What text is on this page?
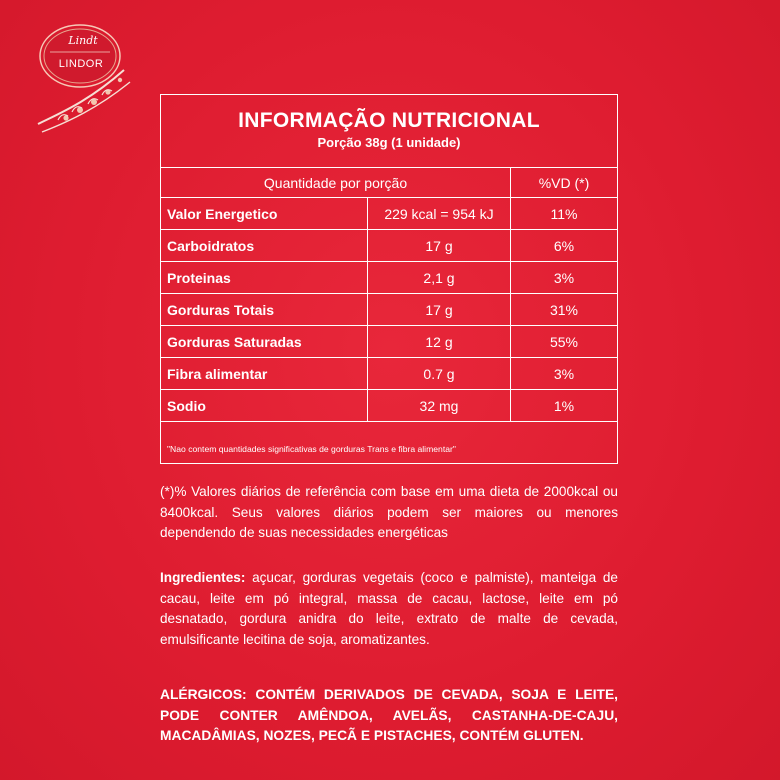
Lindt
LINDOR
INFORMAÇÃO NUTRICIONAL
Porção 38g (1 unidade)
Quantidade por porção	%VD (*)
Valor Energetico	229 kcal = 954 kJ	11%
Carboidratos	17 g	6%
Proteinas	2,1 g	3%
Gorduras Totais	17 g	31%
Gorduras Saturadas	12 g	55%
Fibra alimentar	0.7 g	3%
Sodio	32 mg	1%
"Nao contem quantidades significativas de gorduras Trans e fibra alimentar"
(*)% Valores diários de referência com base em uma dieta de 2000kcal ou 8400kcal. Seus valores diários podem ser maiores ou menores dependendo de suas necessidades energéticas
Ingredientes: açucar, gorduras vegetais (coco e palmiste), manteiga de cacau, leite em pó integral, massa de cacau, lactose, leite em pó desnatado, gordura anidra do leite, extrato de malte de cevada, emulsificante lecitina de soja, aromatizantes.
ALÉRGICOS: CONTÉM DERIVADOS DE CEVADA, SOJA E LEITE, PODE CONTER AMÊNDOA, AVELÃS, CASTANHA-DE-CAJU, MACADÂMIAS, NOZES, PECÃ E PISTACHES, CONTÉM GLUTEN.
